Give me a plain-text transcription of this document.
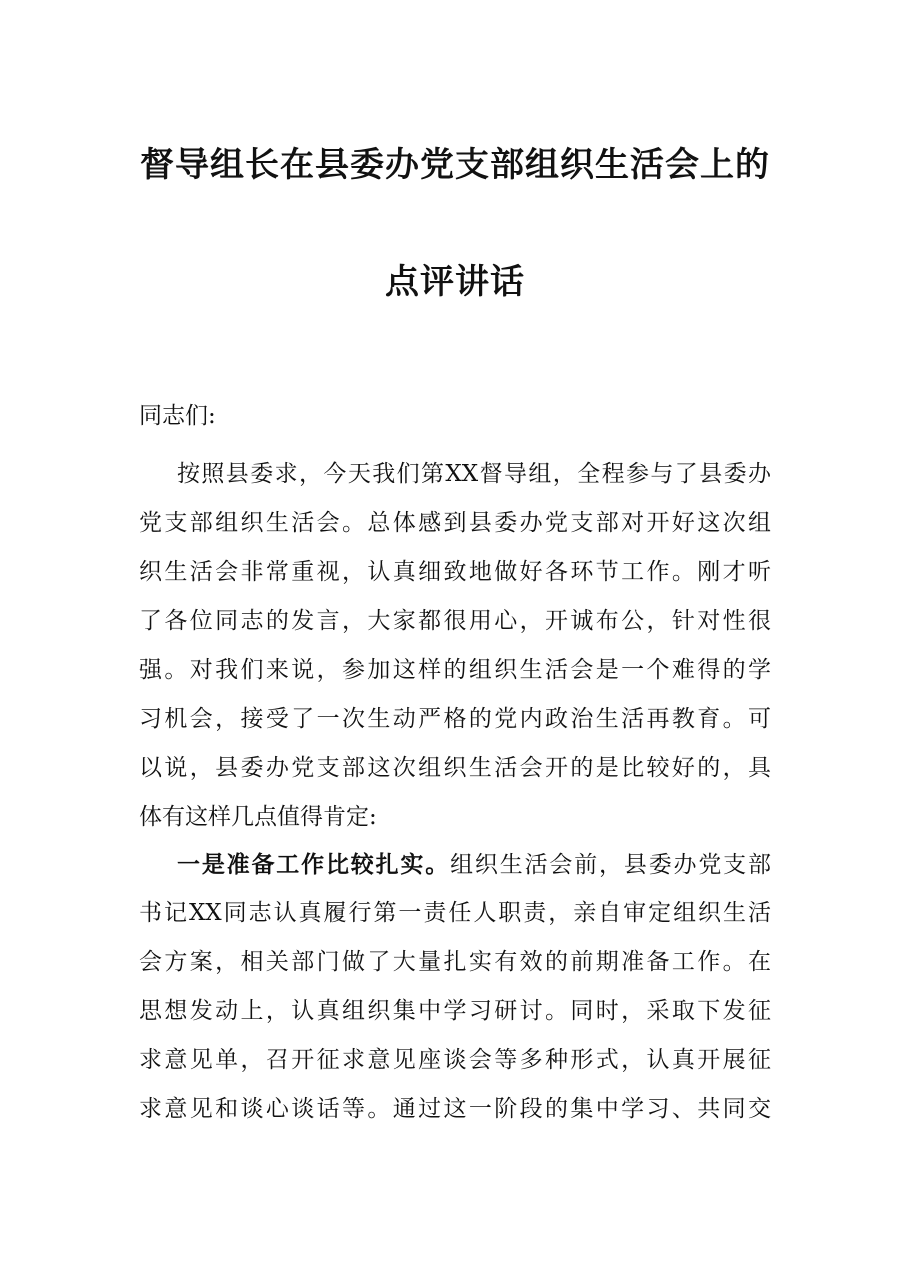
督导组长在县委办党支部组织生活会上的
点评讲话
同志们:
按照县委求，今天我们第XX督导组，全程参与了县委办
党支部组织生活会。总体感到县委办党支部对开好这次组
织生活会非常重视，认真细致地做好各环节工作。刚才听
了各位同志的发言，大家都很用心，开诚布公，针对性很
强。对我们来说，参加这样的组织生活会是一个难得的学
习机会，接受了一次生动严格的党内政治生活再教育。可
以说，县委办党支部这次组织生活会开的是比较好的，具
体有这样几点值得肯定:
一是准备工作比较扎实。组织生活会前，县委办党支部
书记XX同志认真履行第一责任人职责，亲自审定组织生活
会方案，相关部门做了大量扎实有效的前期准备工作。在
思想发动上，认真组织集中学习研讨。同时，采取下发征
求意见单，召开征求意见座谈会等多种形式，认真开展征
求意见和谈心谈话等。通过这一阶段的集中学习、共同交
